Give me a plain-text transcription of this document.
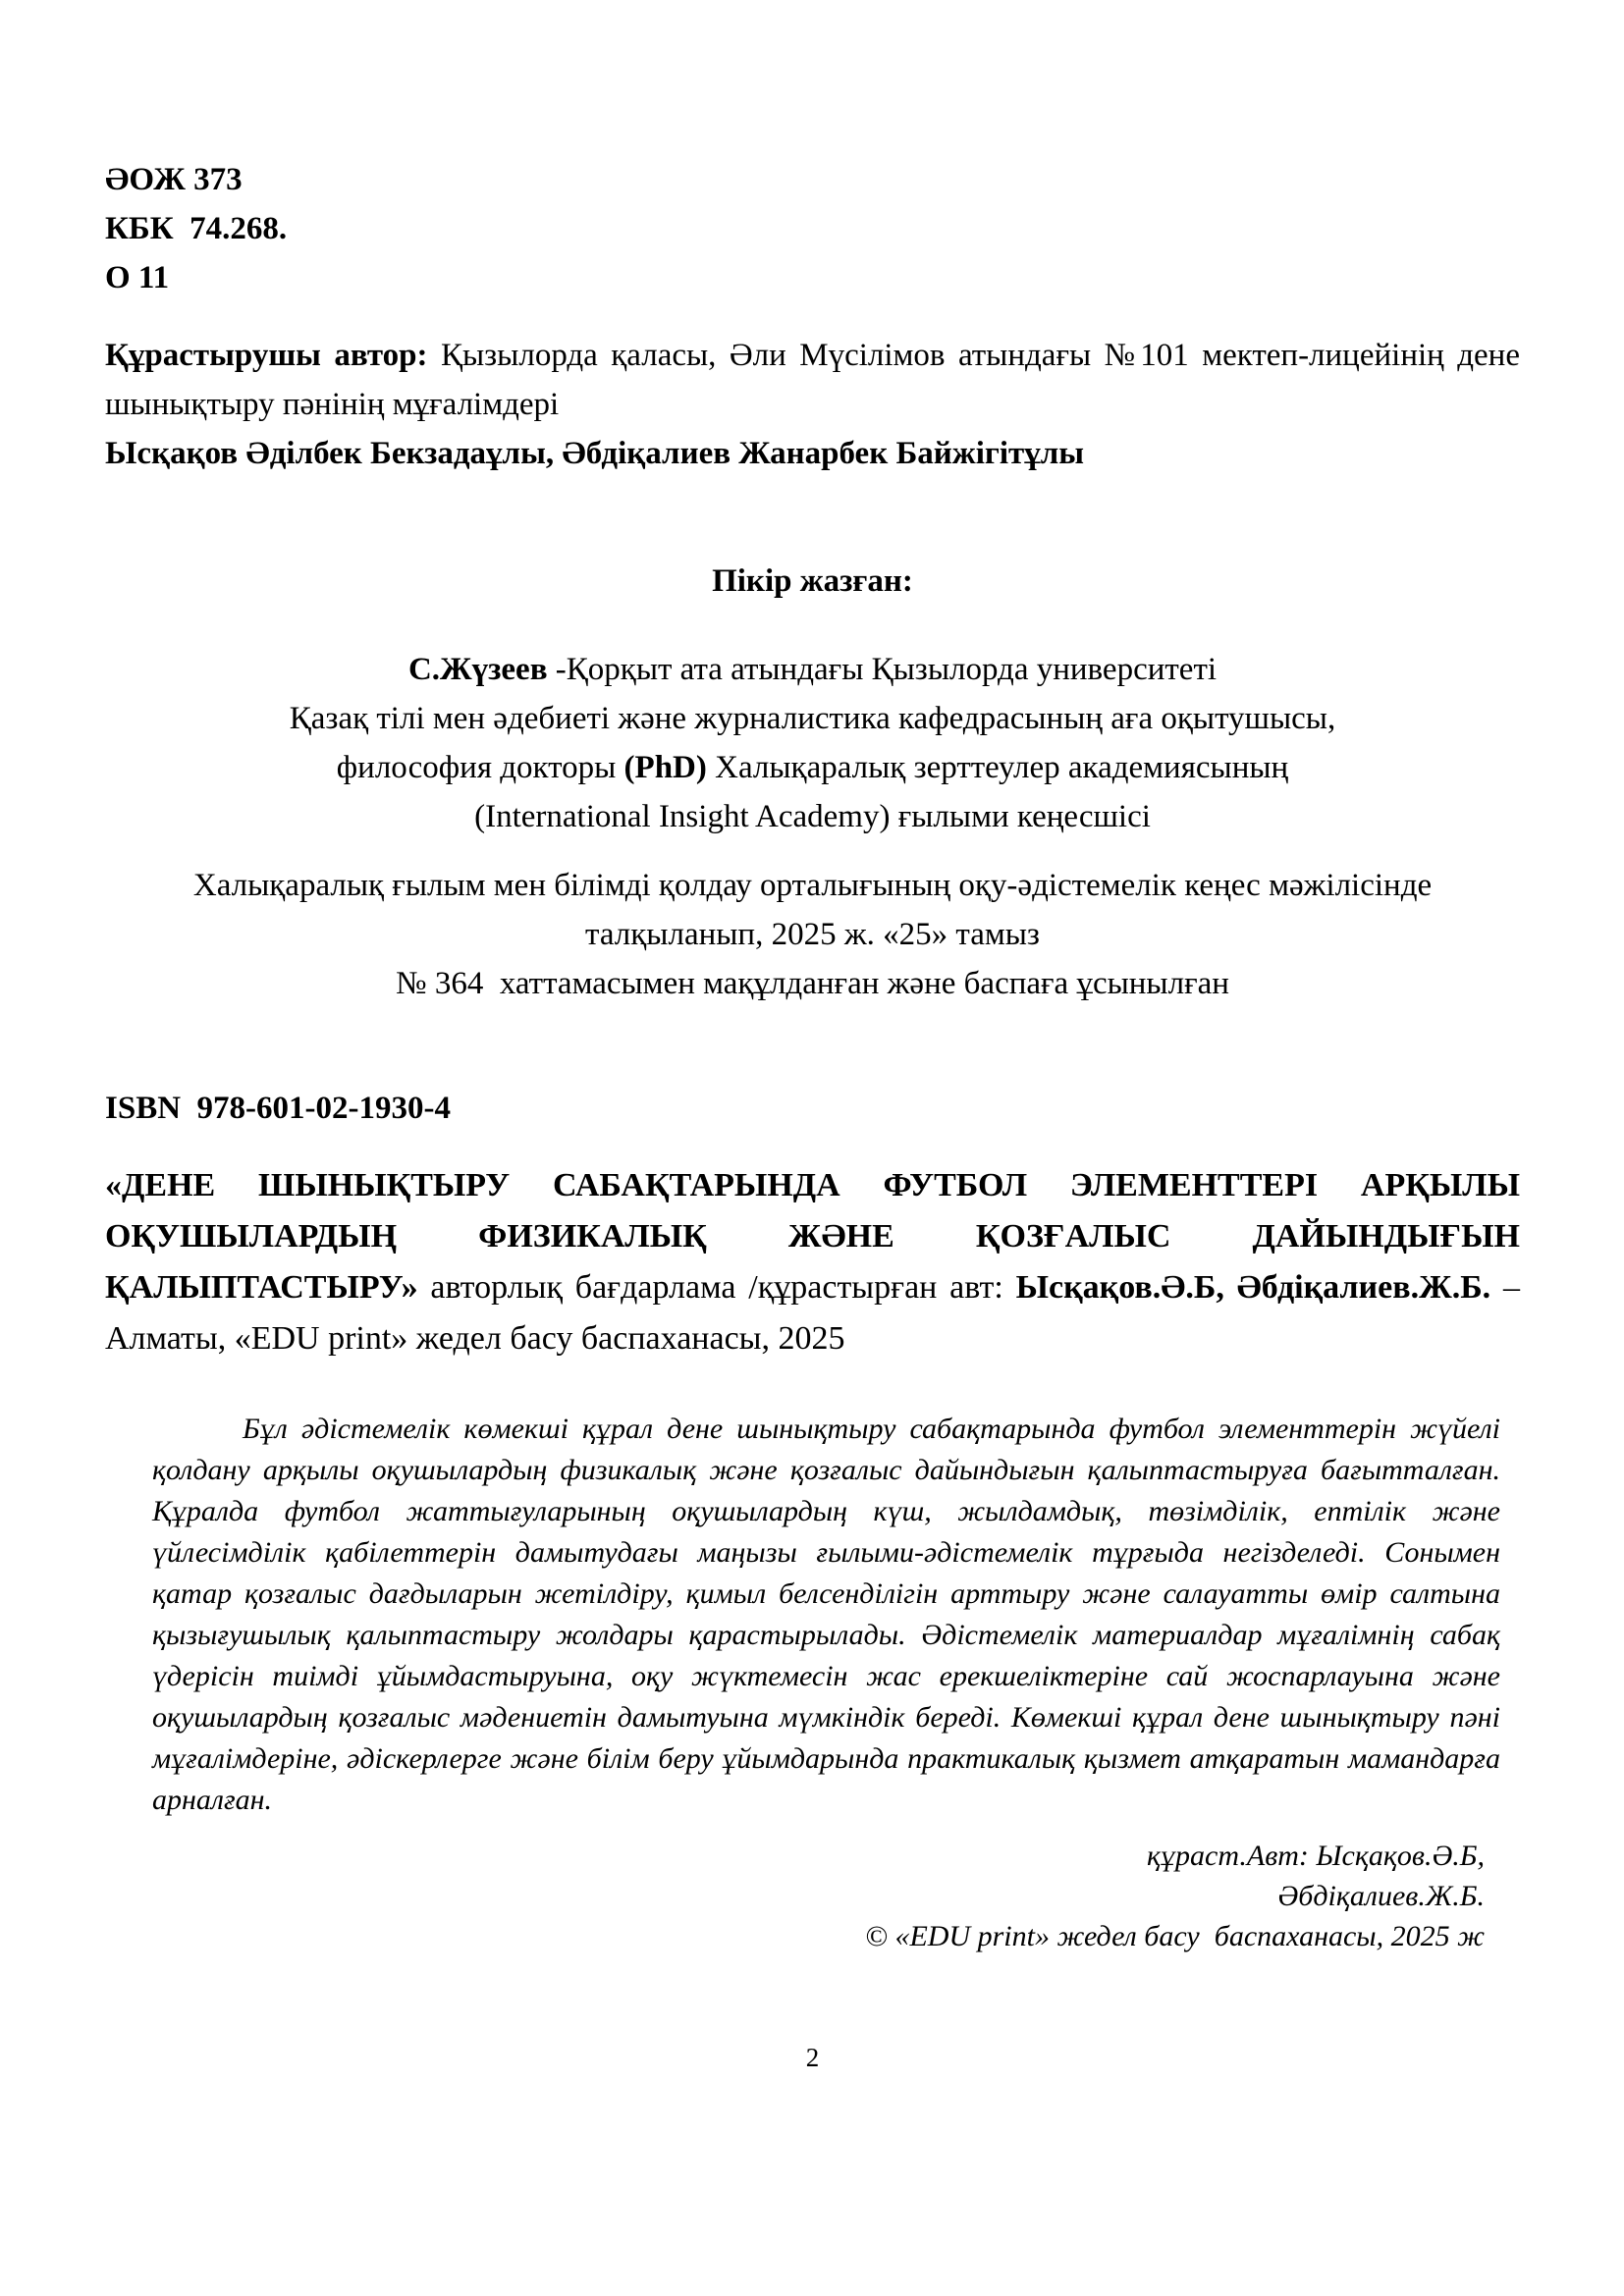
ӘОЖ 373
КБК  74.268.
О 11
Құрастырушы автор: Қызылорда қаласы, Әли Мүсілімов атындағы №101 мектеп-лицейінің дене шынықтыру пәнінің мұғалімдері
Ысқақов Әділбек Бекзадаұлы, Әбдіқалиев Жанарбек Байжігітұлы
Пікір жазған:
С.Жүзеев -Қорқыт ата атындағы Қызылорда университеті
Қазақ тілі мен әдебиеті және журналистика кафедрасының аға оқытушысы,
философия докторы (PhD) Халықаралық зерттеулер академиясының
(International Insight Academy) ғылыми кеңесшісі
Халықаралық ғылым мен білімді қолдау орталығының оқу-әдістемелік кеңес мәжілісінде талқыланып, 2025 ж. «25» тамыз
№ 364  хаттамасымен мақұлданған және баспаға ұсынылған
ISBN  978-601-02-1930-4
«ДЕНЕ ШЫНЫҚТЫРУ САБАҚТАРЫНДА ФУТБОЛ ЭЛЕМЕНТТЕРІ АРҚЫЛЫ ОҚУШЫЛАРДЫҢ ФИЗИКАЛЫҚ ЖӘНЕ ҚОЗҒАЛЫС ДАЙЫНДЫҒЫН ҚАЛЫПТАСТЫРУ» авторлық бағдарлама /құрастырған авт: Ысқақов.Ә.Б, Әбдіқалиев.Ж.Б. – Алматы, «EDU print» жедел басу баспаханасы, 2025
Бұл әдістемелік көмекші құрал дене шынықтыру сабақтарында футбол элементтерін жүйелі қолдану арқылы оқушылардың физикалық және қозғалыс дайындығын қалыптастыруға бағытталған. Құралда футбол жаттығуларының оқушылардың күш, жылдамдық, төзімділік, ептілік және үйлесімділік қабілеттерін дамытудағы маңызы ғылыми-әдістемелік тұрғыда негізделеді. Сонымен қатар қозғалыс дағдыларын жетілдіру, қимыл белсенділігін арттыру және салауатты өмір салтына қызығушылық қалыптастыру жолдары қарастырылады. Әдістемелік материалдар мұғалімнің сабақ үдерісін тиімді ұйымдастыруына, оқу жүктемесін жас ерекшеліктеріне сай жоспарлауына және оқушылардың қозғалыс мәдениетін дамытуына мүмкіндік береді. Көмекші құрал дене шынықтыру пәні мұғалімдеріне, әдіскерлерге және білім беру ұйымдарында практикалық қызмет атқаратын мамандарға арналған.
құраст.Авт: Ысқақов.Ә.Б,
Әбдіқалиев.Ж.Б.
© «EDU print» жедел басу  баспаханасы, 2025 ж
2
